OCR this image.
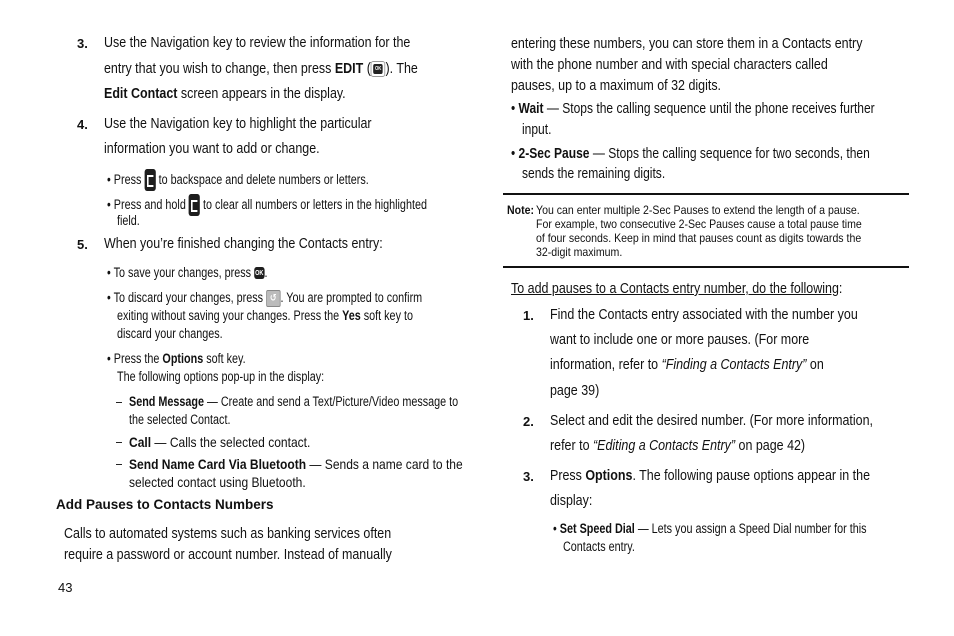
3. Use the Navigation key to review the information for the
entry that you wish to change, then press EDIT ( OK ). The
Edit Contact screen appears in the display.
4. Use the Navigation key to highlight the particular
information you want to add or change.
• Press  to backspace and delete numbers or letters.
• Press and hold  to clear all numbers or letters in the highlighted
field.
5. When you’re finished changing the Contacts entry:
• To save your changes, press OK.
• To discard your changes, press ↺ . You are prompted to confirm
exiting without saving your changes. Press the Yes soft key to
discard your changes.
• Press the Options soft key.
The following options pop-up in the display:
– Send Message — Create and send a Text/Picture/Video message to
the selected Contact.
– Call — Calls the selected contact.
– Send Name Card Via Bluetooth — Sends a name card to the
selected contact using Bluetooth.
Add Pauses to Contacts Numbers
Calls to automated systems such as banking services often
require a password or account number. Instead of manually
43
entering these numbers, you can store them in a Contacts entry
with the phone number and with special characters called
pauses, up to a maximum of 32 digits.
• Wait — Stops the calling sequence until the phone receives further
input.
• 2-Sec Pause — Stops the calling sequence for two seconds, then
sends the remaining digits.
Note: You can enter multiple 2-Sec Pauses to extend the length of a pause.
For example, two consecutive 2-Sec Pauses cause a total pause time
of four seconds. Keep in mind that pauses count as digits towards the
32-digit maximum.
To add pauses to a Contacts entry number, do the following:
1. Find the Contacts entry associated with the number you
want to include one or more pauses. (For more
information, refer to “Finding a Contacts Entry” on
page 39)
2. Select and edit the desired number. (For more information,
refer to “Editing a Contacts Entry” on page 42)
3. Press Options. The following pause options appear in the
display:
• Set Speed Dial — Lets you assign a Speed Dial number for this
Contacts entry.
